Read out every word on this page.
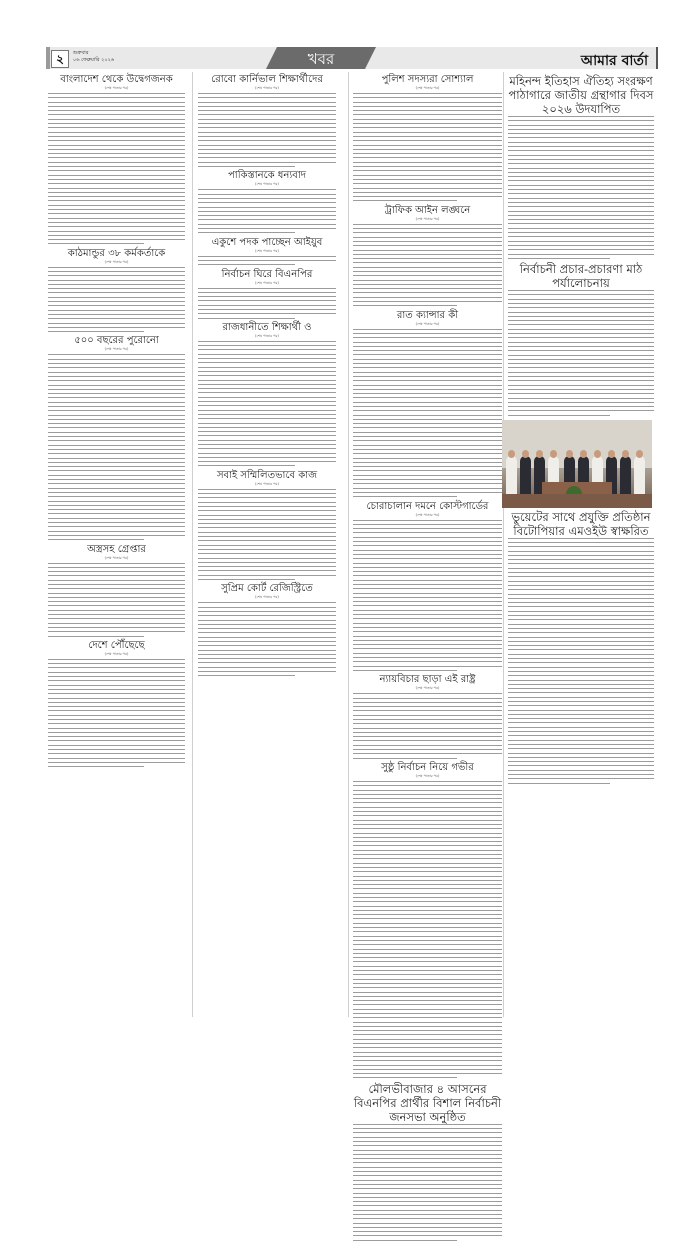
২	শুক্রবার
০৬ ফেব্রুয়ারি ২০২৬	খবর	আমার বার্তা
বাংলাদেশ থেকে উদ্বেগজনক
(শেষ পাতার পর)
কাঠমান্ডুর ৩৮ কর্মকর্তাকে
(শেষ পাতার পর)
৫০০ বছরের পুরোনো
(শেষ পাতার পর)
অস্ত্রসহ গ্রেপ্তার
(শেষ পাতার পর)
দেশে পৌঁছেছে
(শেষ পাতার পর)
রোবো কার্নিভাল শিক্ষার্থীদের
(শেষ পাতার পর)
পাকিস্তানকে ধন্যবাদ
(শেষ পাতার পর)
একুশে পদক পাচ্ছেন আইয়ুব
(শেষ পাতার পর)
নির্বাচন ঘিরে বিএনপির
(শেষ পাতার পর)
রাজধানীতে শিক্ষার্থী ও
(শেষ পাতার পর)
সবাই সম্মিলিতভাবে কাজ
(শেষ পাতার পর)
সুপ্রিম কোর্ট রেজিস্ট্রিতে
(শেষ পাতার পর)
পুলিশ সদস্যরা সোশ্যাল
(শেষ পাতার পর)
ট্রাফিক আইন লঙ্ঘনে
(শেষ পাতার পর)
রাত ক্যান্সার কী
(শেষ পাতার পর)
চোরাচালান দমনে কোস্টগার্ডের
(শেষ পাতার পর)
ন্যায়বিচার ছাড়া এই রাষ্ট্র
(শেষ পাতার পর)
সুষ্ঠু নির্বাচন নিয়ে গভীর
(শেষ পাতার পর)
মৌলভীবাজার ৪ আসনের বিএনপির প্রার্থীর বিশাল নির্বাচনী জনসভা অনুষ্ঠিত
মহিনন্দ ইতিহাস ঐতিহ্য সংরক্ষণ পাঠাগারে জাতীয় গ্রন্থাগার দিবস ২০২৬ উদযাপিত
নির্বাচনী প্রচার-প্রচারণা মাঠ পর্যালোচনায়
ভুয়েটের সাথে প্রযুক্তি প্রতিষ্ঠান বিটোপিয়ার এমওইউ স্বাক্ষরিত
